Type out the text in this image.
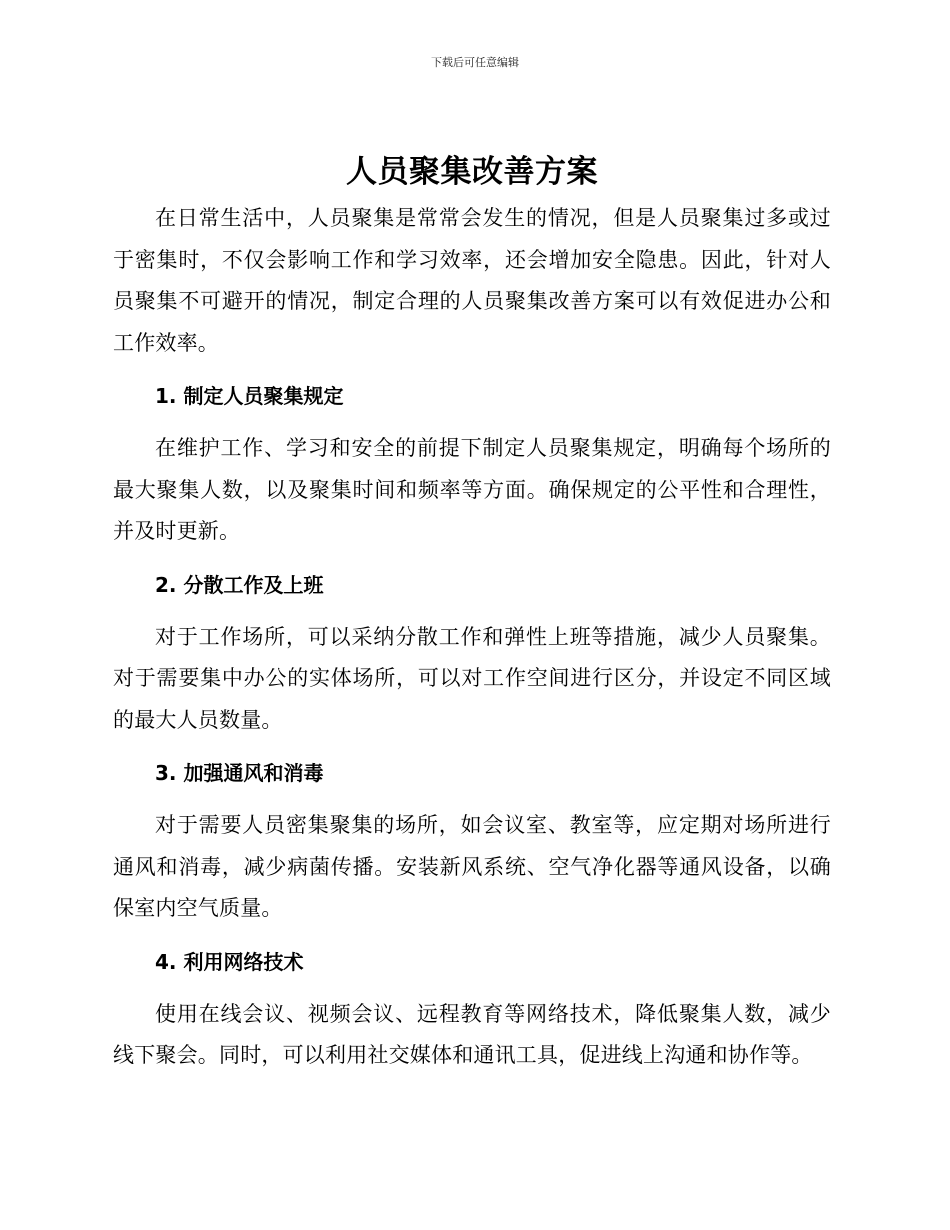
下载后可任意编辑
人员聚集改善方案

在日常生活中，人员聚集是常常会发生的情况，但是人员聚集过多或过于密集时，不仅会影响工作和学习效率，还会增加安全隐患。因此，针对人员聚集不可避开的情况，制定合理的人员聚集改善方案可以有效促进办公和工作效率。

1. 制定人员聚集规定

在维护工作、学习和安全的前提下制定人员聚集规定，明确每个场所的最大聚集人数，以及聚集时间和频率等方面。确保规定的公平性和合理性，并及时更新。

2. 分散工作及上班

对于工作场所，可以采纳分散工作和弹性上班等措施，减少人员聚集。对于需要集中办公的实体场所，可以对工作空间进行区分，并设定不同区域的最大人员数量。

3. 加强通风和消毒

对于需要人员密集聚集的场所，如会议室、教室等，应定期对场所进行通风和消毒，减少病菌传播。安装新风系统、空气净化器等通风设备，以确保室内空气质量。

4. 利用网络技术

使用在线会议、视频会议、远程教育等网络技术，降低聚集人数，减少线下聚会。同时，可以利用社交媒体和通讯工具，促进线上沟通和协作等。
